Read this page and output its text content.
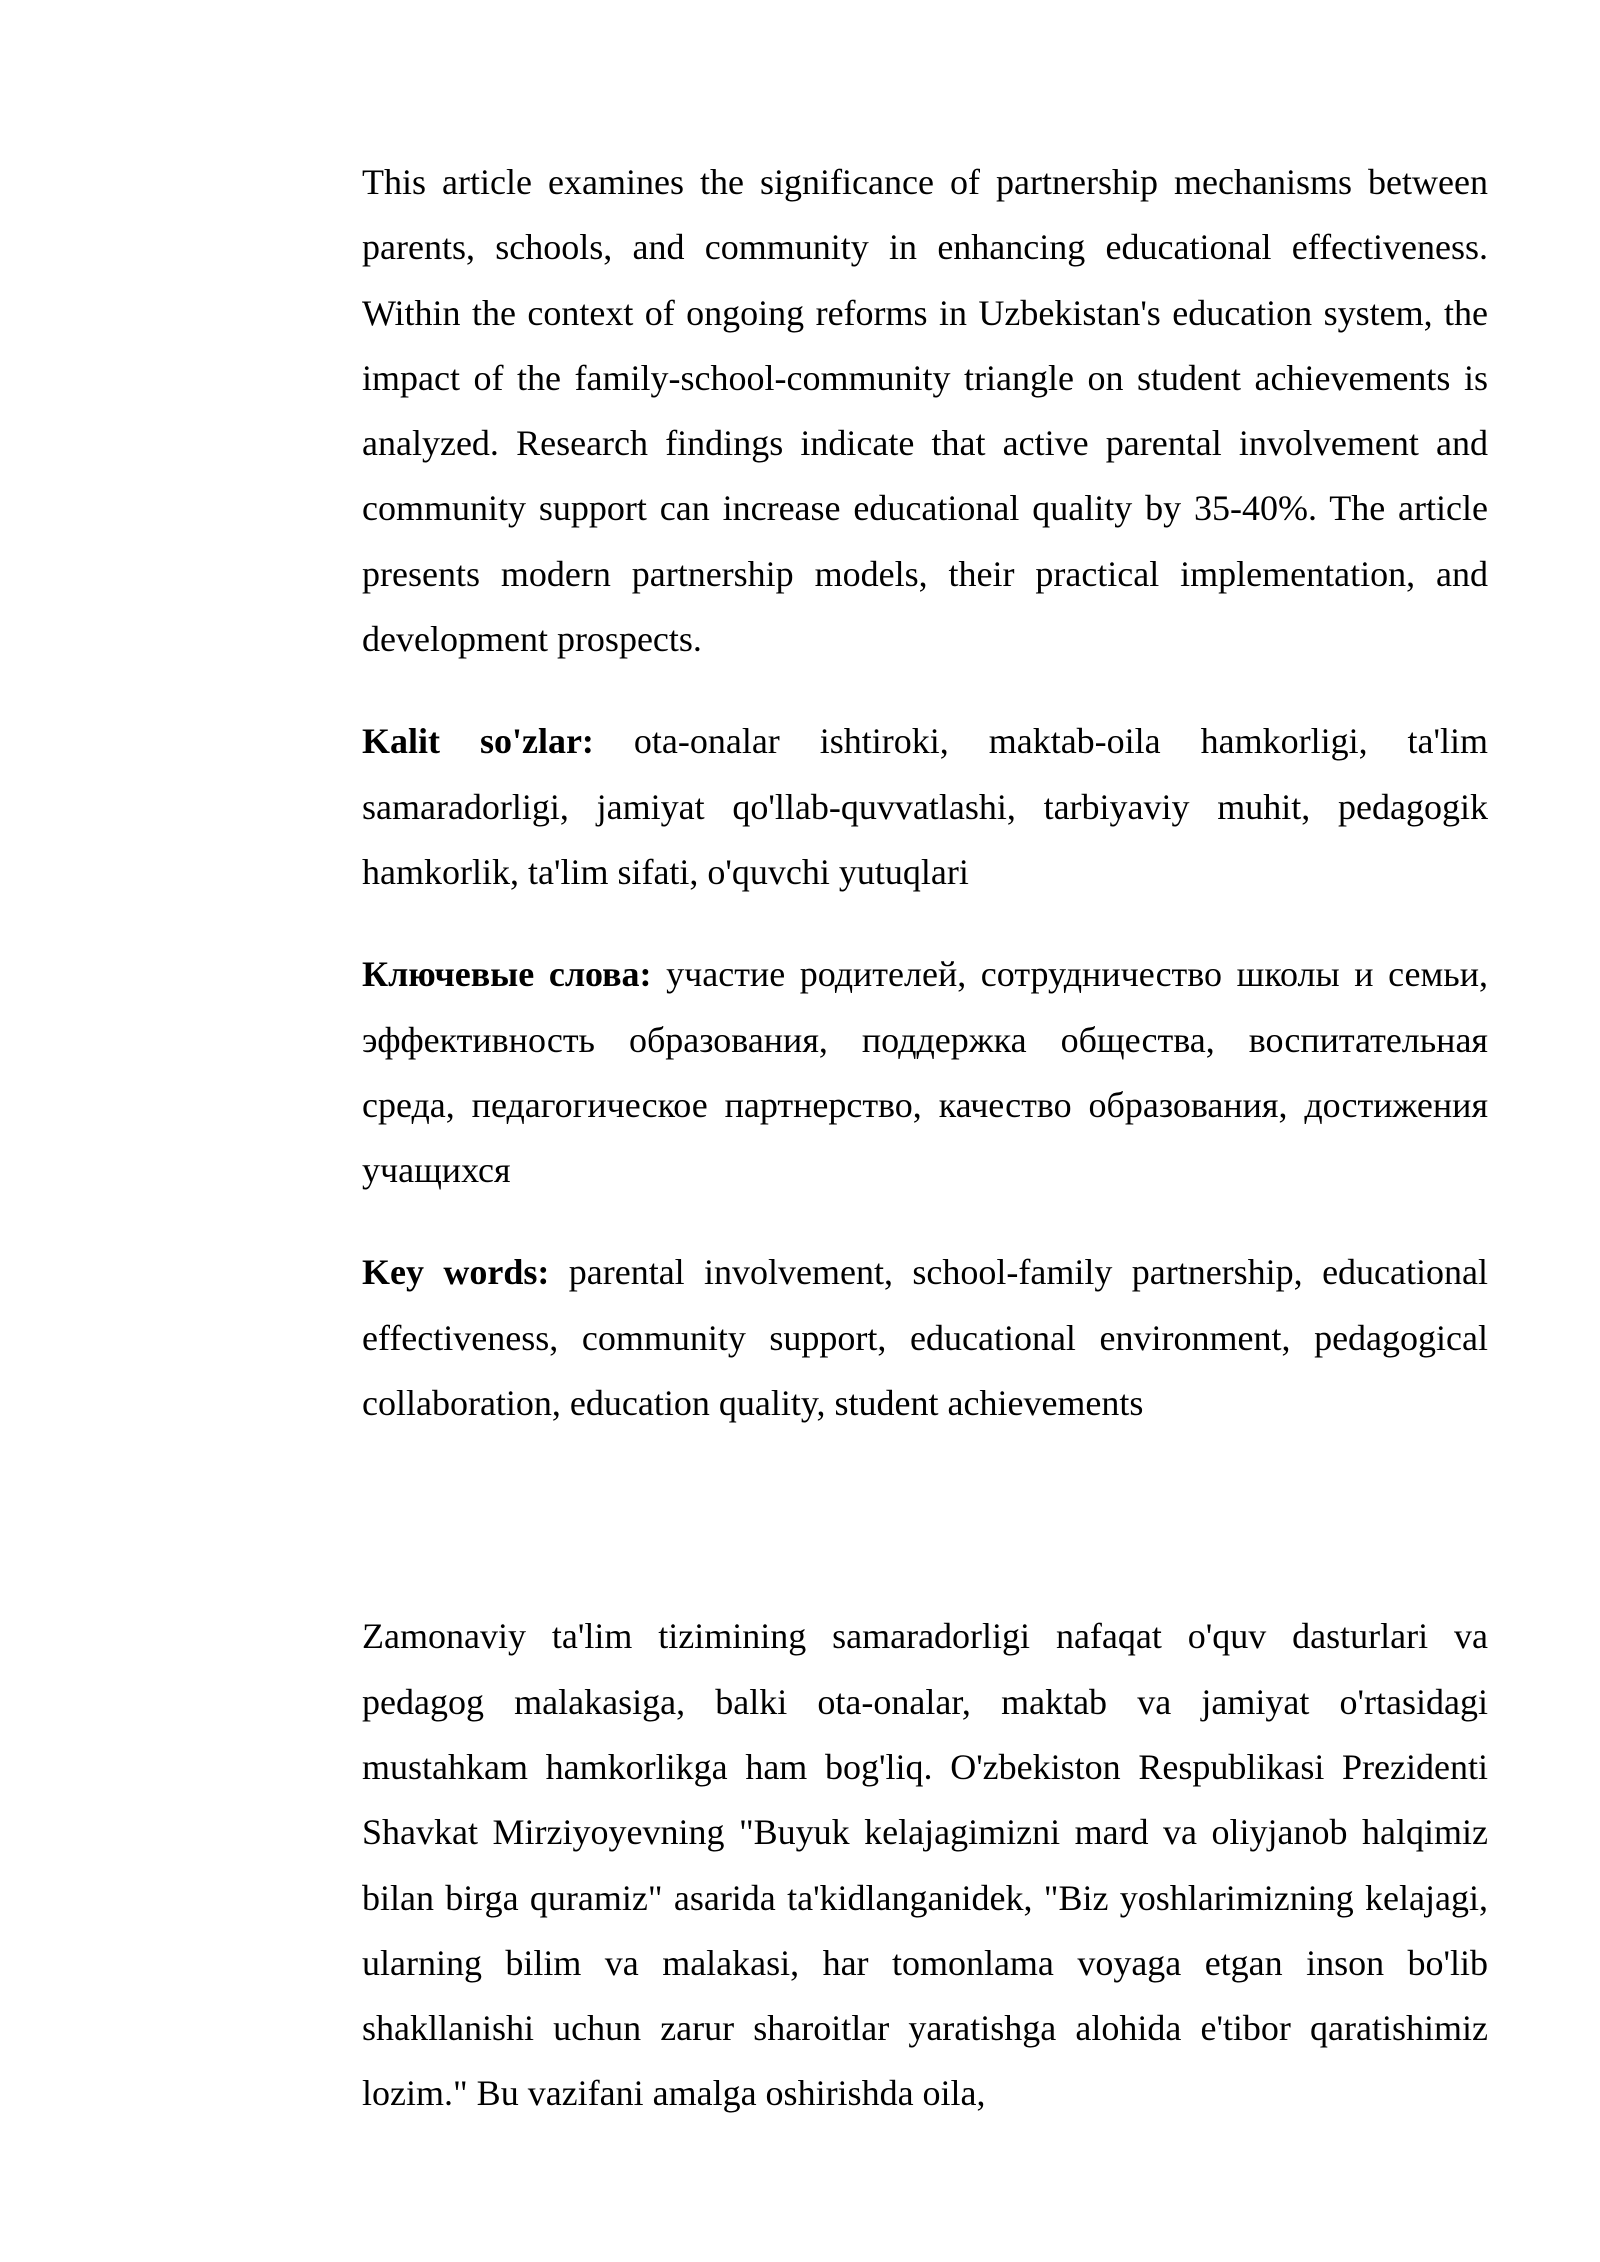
This article examines the significance of partnership mechanisms between parents, schools, and community in enhancing educational effectiveness. Within the context of ongoing reforms in Uzbekistan's education system, the impact of the family-school-community triangle on student achievements is analyzed. Research findings indicate that active parental involvement and community support can increase educational quality by 35-40%. The article presents modern partnership models, their practical implementation, and development prospects.

Kalit so'zlar: ota-onalar ishtiroki, maktab-oila hamkorligi, ta'lim samaradorligi, jamiyat qo'llab-quvvatlashi, tarbiyaviy muhit, pedagogik hamkorlik, ta'lim sifati, o'quvchi yutuqlari

Ключевые слова: участие родителей, сотрудничество школы и семьи, эффективность образования, поддержка общества, воспитательная среда, педагогическое партнерство, качество образования, достижения учащихся

Key words: parental involvement, school-family partnership, educational effectiveness, community support, educational environment, pedagogical collaboration, education quality, student achievements

Zamonaviy ta'lim tizimining samaradorligi nafaqat o'quv dasturlari va pedagog malakasiga, balki ota-onalar, maktab va jamiyat o'rtasidagi mustahkam hamkorlikga ham bog'liq. O'zbekiston Respublikasi Prezidenti Shavkat Mirziyoyevning "Buyuk kelajagimizni mard va oliyjanob halqimiz bilan birga quramiz" asarida ta'kidlanganidek, "Biz yoshlarimizning kelajagi, ularning bilim va malakasi, har tomonlama voyaga etgan inson bo'lib shakllanishi uchun zarur sharoitlar yaratishga alohida e'tibor qaratishimiz lozim." Bu vazifani amalga oshirishda oila,
